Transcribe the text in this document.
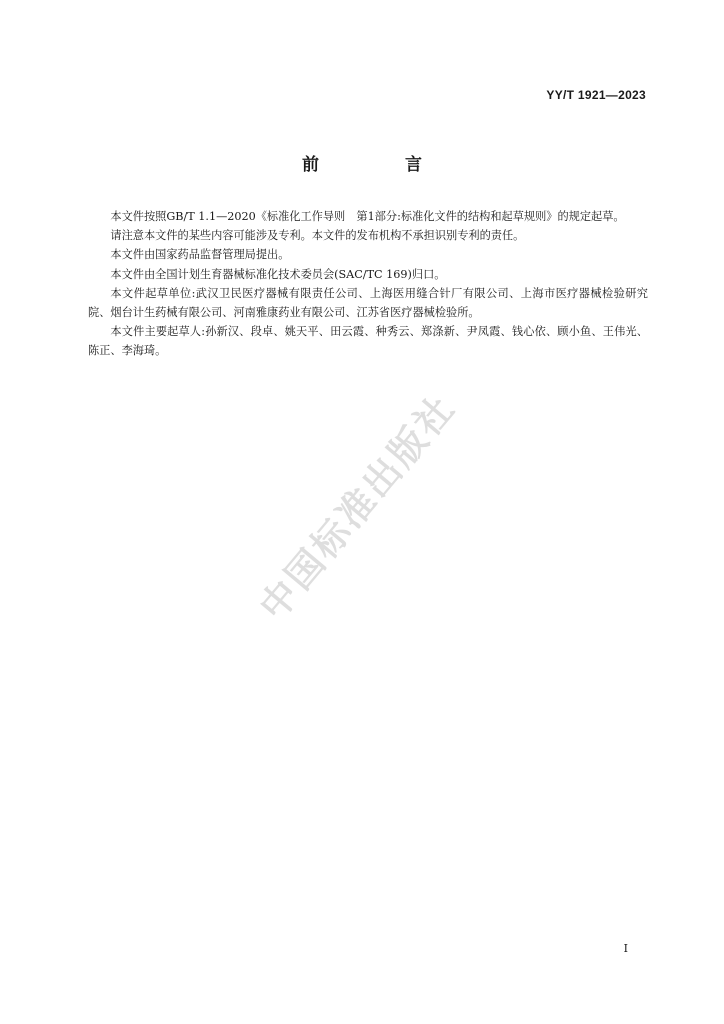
YY/T 1921—2023
前 言

本文件按照GB/T 1.1—2020《标准化工作导则　第1部分:标准化文件的结构和起草规则》的规定起草。

请注意本文件的某些内容可能涉及专利。本文件的发布机构不承担识别专利的责任。

本文件由国家药品监督管理局提出。

本文件由全国计划生育器械标准化技术委员会(SAC/TC 169)归口。

本文件起草单位:武汉卫民医疗器械有限责任公司、上海医用缝合针厂有限公司、上海市医疗器械检验研究院、烟台计生药械有限公司、河南雅康药业有限公司、江苏省医疗器械检验所。

本文件主要起草人:孙新汉、段卓、姚天平、田云霞、种秀云、郑涤新、尹凤霞、钱心依、顾小鱼、王伟光、陈正、李海琦。

中国标准出版社
I
